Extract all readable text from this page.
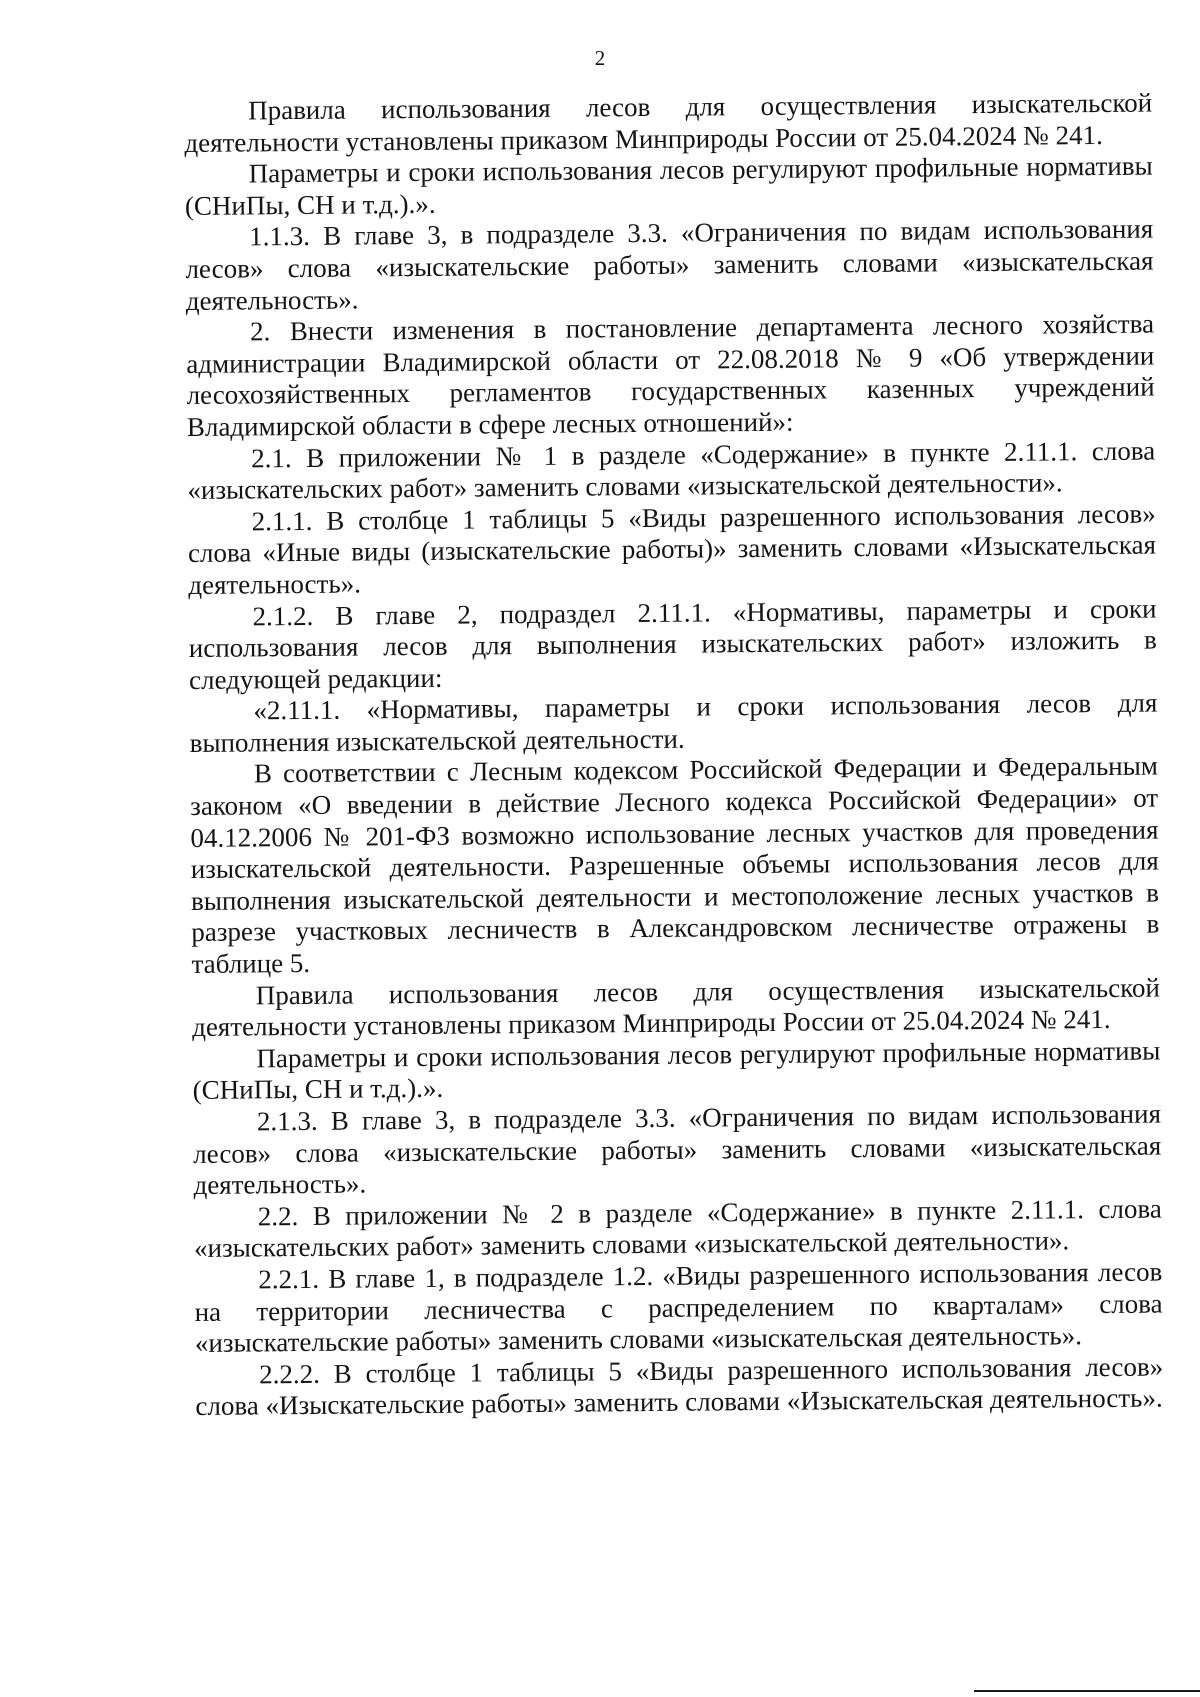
2

Правила использования лесов для осуществления изыскательской деятельности установлены приказом Минприроды России от 25.04.2024 № 241.

Параметры и сроки использования лесов регулируют профильные нормативы (СНиПы, СН и т.д.).».

1.1.3. В главе 3, в подразделе 3.3. «Ограничения по видам использования лесов» слова «изыскательские работы» заменить словами «изыскательская деятельность».

2. Внести изменения в постановление департамента лесного хозяйства администрации Владимирской области от 22.08.2018 № 9 «Об утверждении лесохозяйственных регламентов государственных казенных учреждений Владимирской области в сфере лесных отношений»:

2.1. В приложении № 1 в разделе «Содержание» в пункте 2.11.1. слова «изыскательских работ» заменить словами «изыскательской деятельности».

2.1.1. В столбце 1 таблицы 5 «Виды разрешенного использования лесов» слова «Иные виды (изыскательские работы)» заменить словами «Изыскательская деятельность».

2.1.2. В главе 2, подраздел 2.11.1. «Нормативы, параметры и сроки использования лесов для выполнения изыскательских работ» изложить в следующей редакции:

«2.11.1. «Нормативы, параметры и сроки использования лесов для выполнения изыскательской деятельности.

В соответствии с Лесным кодексом Российской Федерации и Федеральным законом «О введении в действие Лесного кодекса Российской Федерации» от 04.12.2006 № 201-ФЗ возможно использование лесных участков для проведения изыскательской деятельности. Разрешенные объемы использования лесов для выполнения изыскательской деятельности и местоположение лесных участков в разрезе участковых лесничеств в Александровском лесничестве отражены в таблице 5.

Правила использования лесов для осуществления изыскательской деятельности установлены приказом Минприроды России от 25.04.2024 № 241.

Параметры и сроки использования лесов регулируют профильные нормативы (СНиПы, СН и т.д.).».

2.1.3. В главе 3, в подразделе 3.3. «Ограничения по видам использования лесов» слова «изыскательские работы» заменить словами «изыскательская деятельность».

2.2. В приложении № 2 в разделе «Содержание» в пункте 2.11.1. слова «изыскательских работ» заменить словами «изыскательской деятельности».

2.2.1. В главе 1, в подразделе 1.2. «Виды разрешенного использования лесов на территории лесничества с распределением по кварталам» слова «изыскательские работы» заменить словами «изыскательская деятельность».

2.2.2. В столбце 1 таблицы 5 «Виды разрешенного использования лесов» слова «Изыскательские работы» заменить словами «Изыскательская деятельность».
